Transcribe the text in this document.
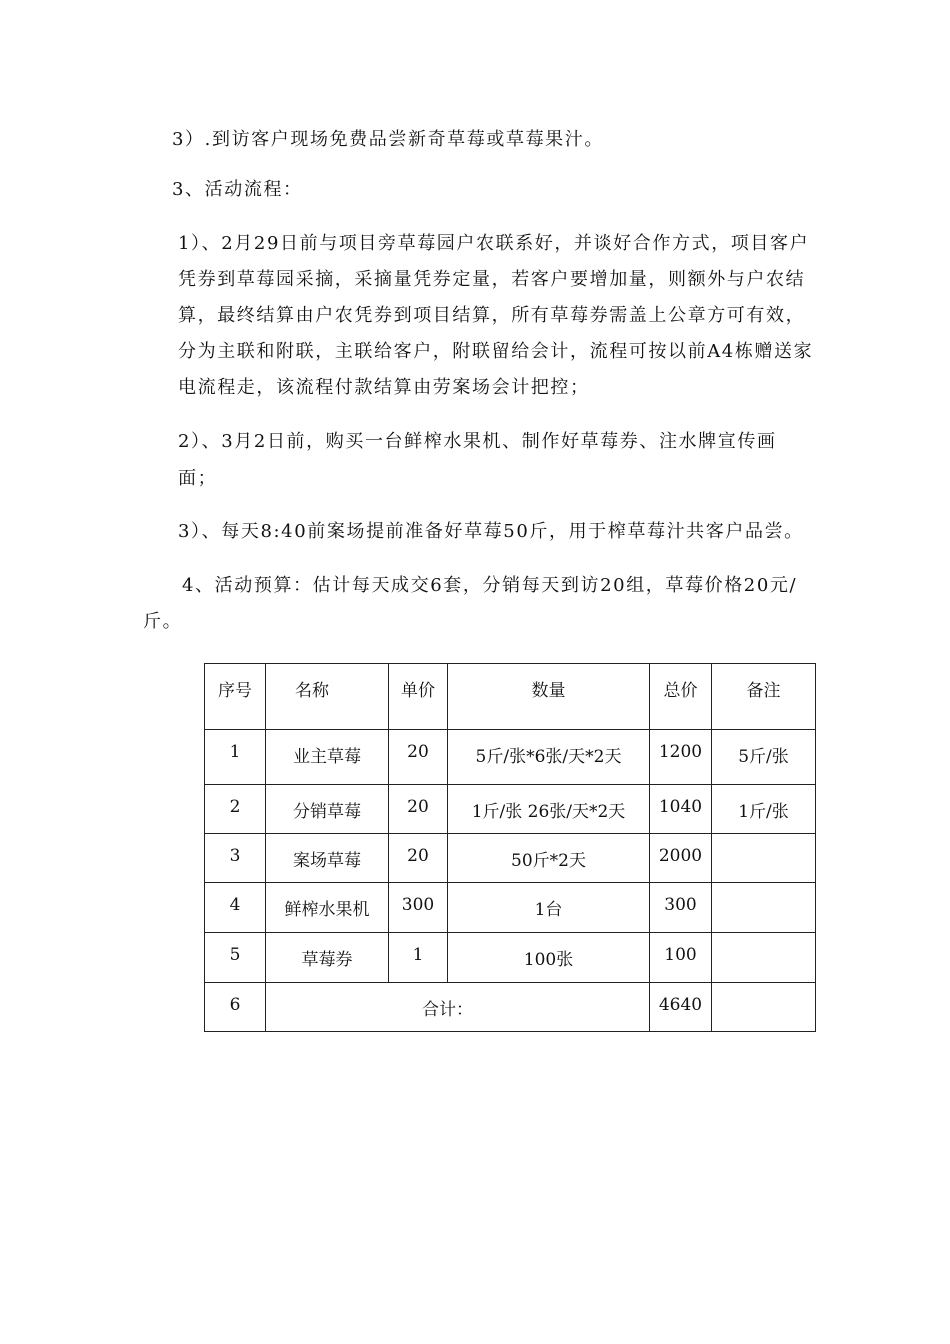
3）.到访客户现场免费品尝新奇草莓或草莓果汁。
3、活动流程：
1）、2月29日前与项目旁草莓园户农联系好，并谈好合作方式，项目客户
凭券到草莓园采摘，采摘量凭券定量，若客户要增加量，则额外与户农结
算，最终结算由户农凭券到项目结算，所有草莓券需盖上公章方可有效，
分为主联和附联，主联给客户，附联留给会计，流程可按以前A4栋赠送家
电流程走，该流程付款结算由劳案场会计把控；
2）、3月2日前，购买一台鲜榨水果机、制作好草莓券、注水牌宣传画
面；
3）、每天8:40前案场提前准备好草莓50斤，用于榨草莓汁共客户品尝。
4、活动预算：估计每天成交6套，分销每天到访20组，草莓价格20元/
斤。
序号	名称	单价	数量	总价	备注

1	业主草莓	20	5斤/张*6张/天*2天	1200	5斤/张

2	分销草莓	20	1斤/张 26张/天*2天	1040	1斤/张

3	案场草莓	20	50斤*2天	2000	

4	鲜榨水果机	300	1台	300	

5	草莓券	1	100张	100	

6	合计：			4640	
